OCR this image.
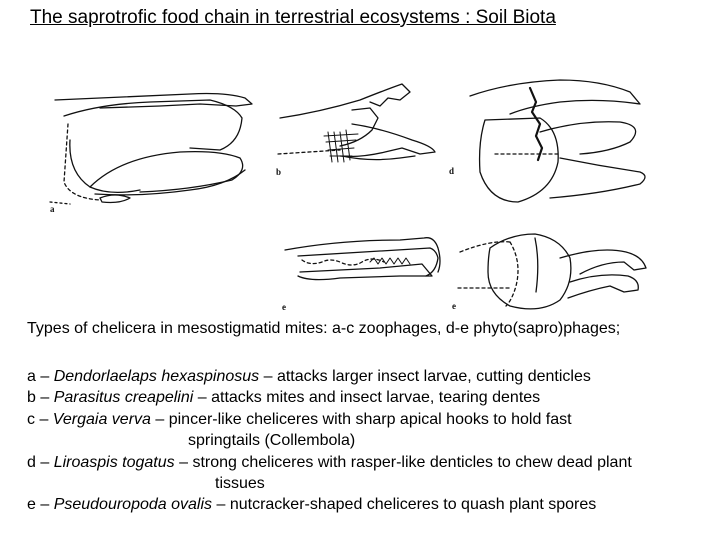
The saprotrofic food chain in terrestrial ecosystems : Soil Biota
a
b	d
e	e
Types of chelicera in mesostigmatid mites: a-c zoophages, d-e phyto(sapro)phages;
a – Dendorlaelaps hexaspinosus – attacks larger insect larvae, cutting denticles
b – Parasitus creapelini – attacks mites and insect larvae, tearing dentes
c – Vergaia verva – pincer-like cheliceres with sharp apical hooks to hold fast
springtails (Collembola)
d – Liroaspis togatus – strong cheliceres with rasper-like denticles to chew dead plant
tissues
e – Pseudouropoda ovalis – nutcracker-shaped cheliceres to quash plant spores
